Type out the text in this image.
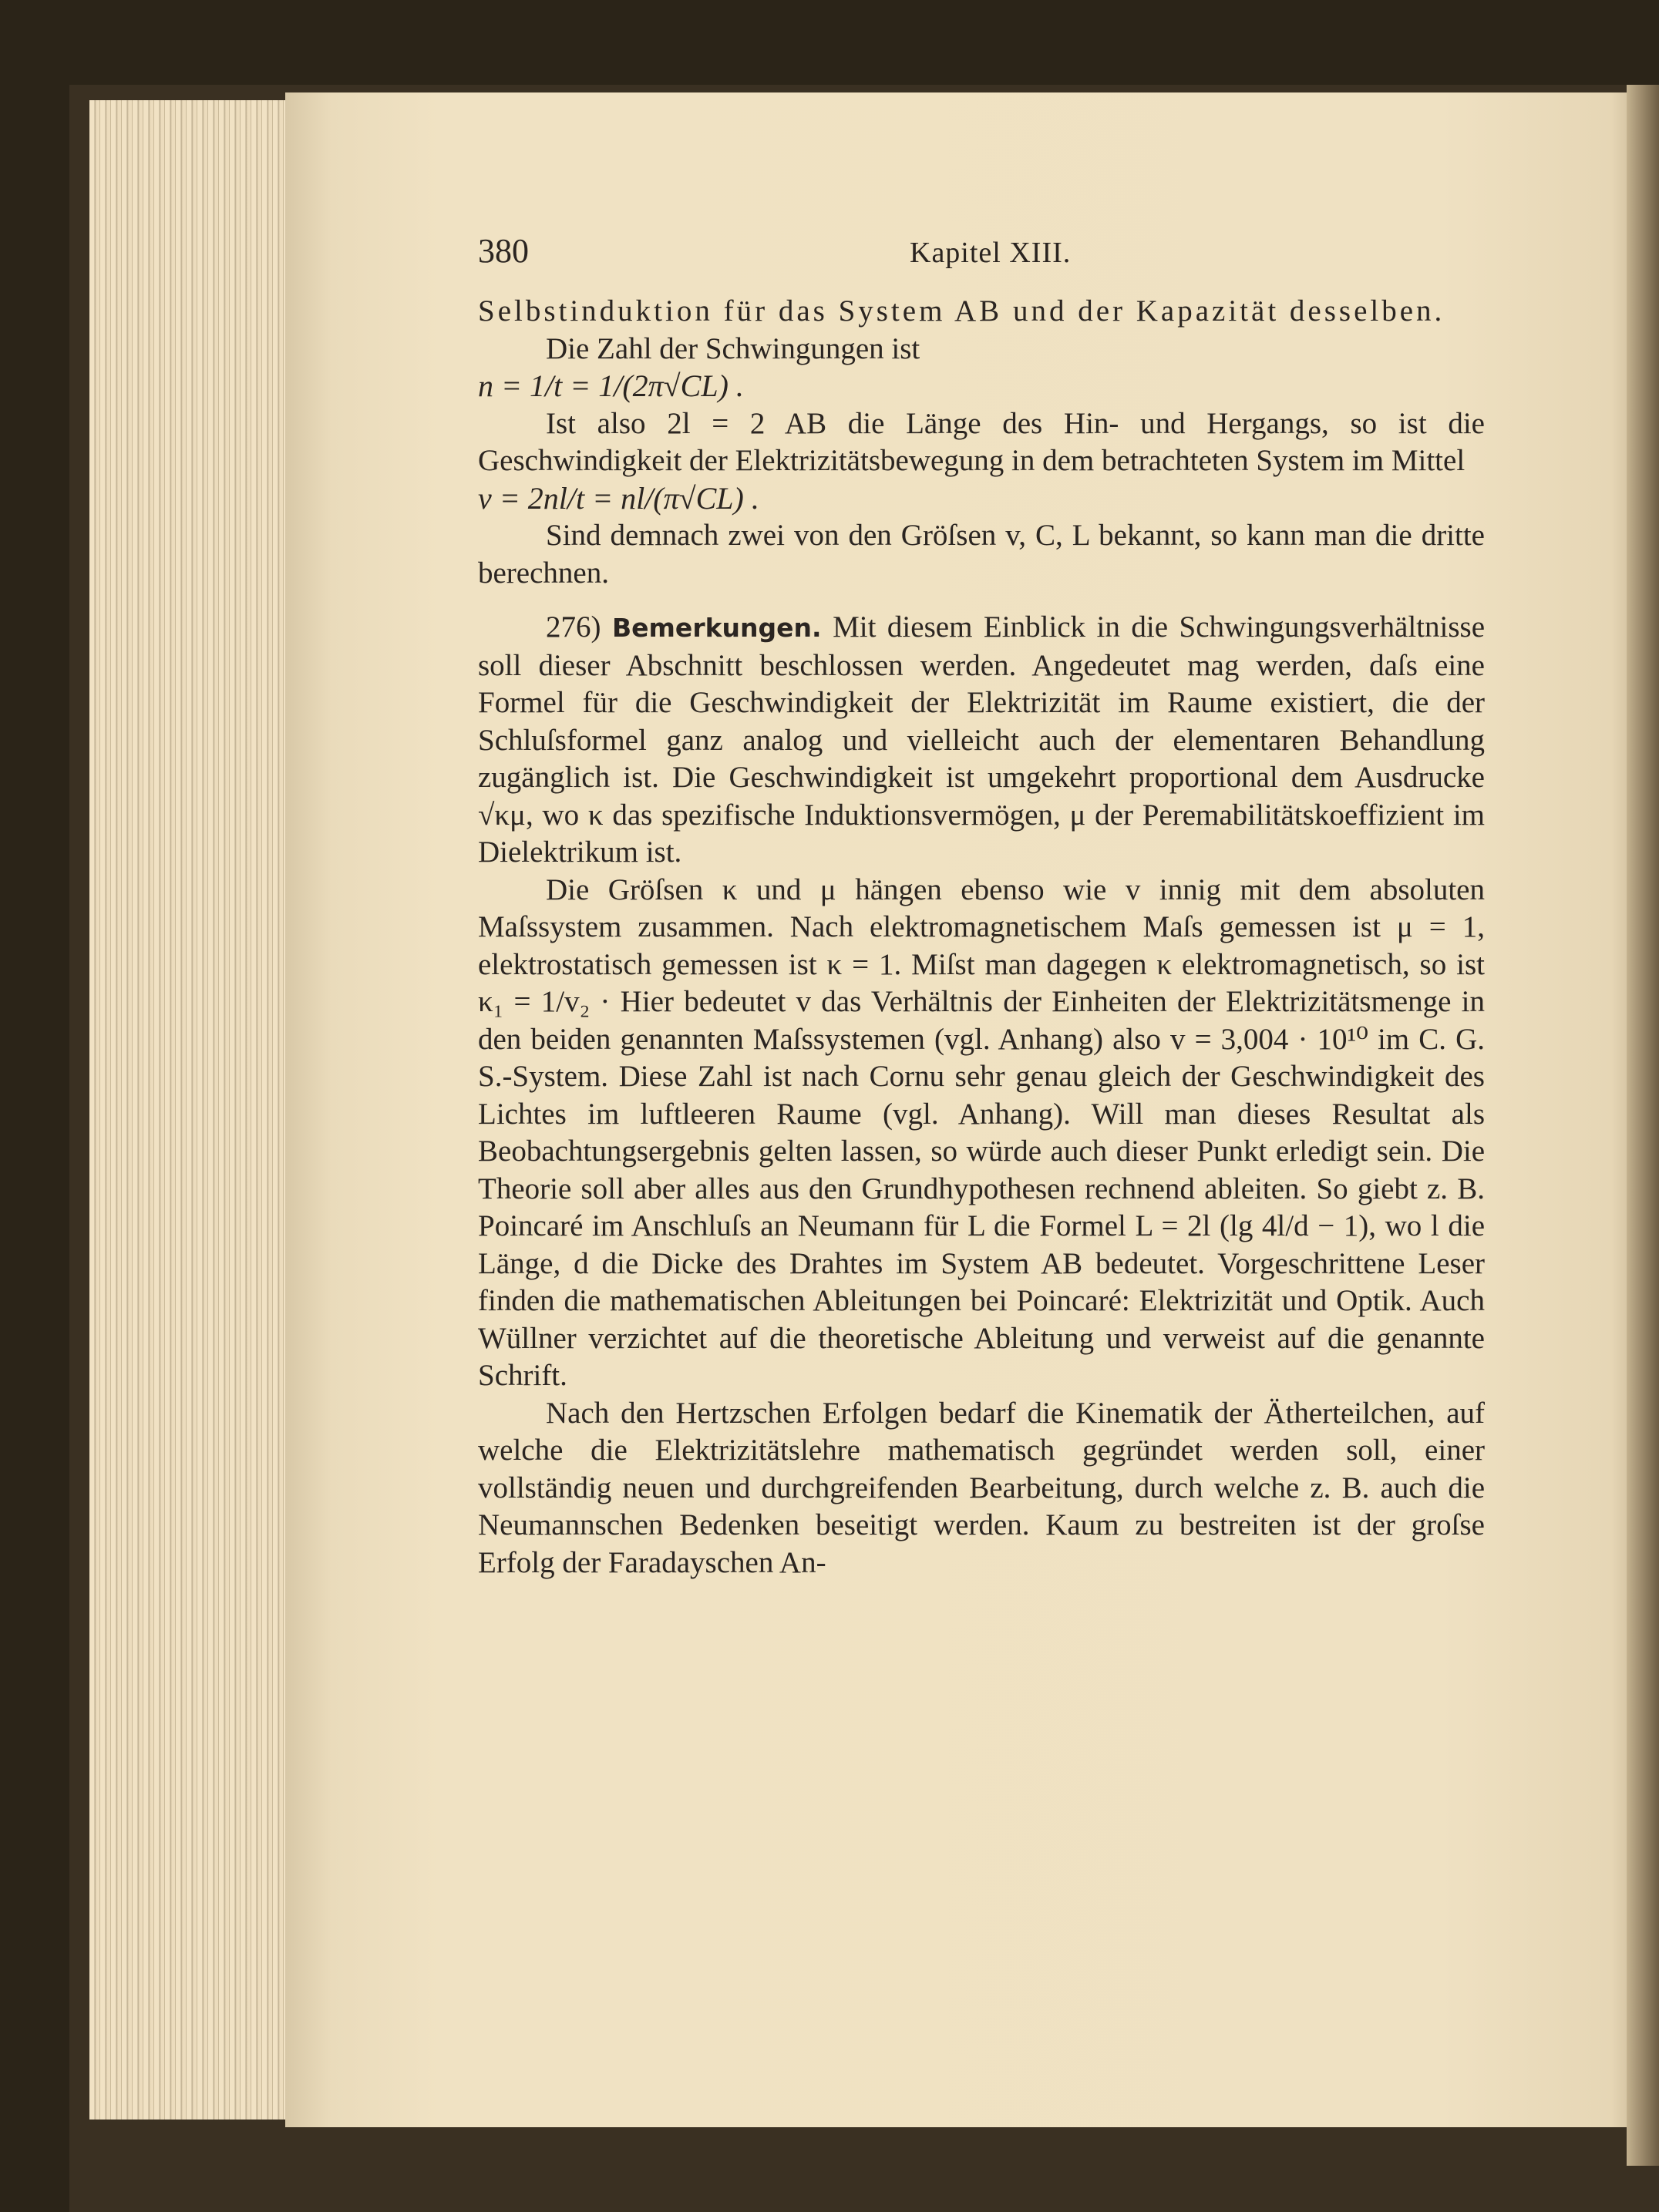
380	Kapitel XIII.

Selbstinduktion für das System AB und der Kapazität desselben.

Die Zahl der Schwingungen ist

n = 1/t = 1/(2π√CL) .

Ist also 2l = 2 AB die Länge des Hin- und Hergangs, so ist die Geschwindigkeit der Elektrizitätsbewegung in dem betrachteten System im Mittel

v = 2nl/t = nl/(π√CL) .

Sind demnach zwei von den Gröſsen v, C, L bekannt, so kann man die dritte berechnen.

276) Bemerkungen. Mit diesem Einblick in die Schwingungsverhältnisse soll dieser Abschnitt beschlossen werden. Angedeutet mag werden, daſs eine Formel für die Geschwindigkeit der Elektrizität im Raume existiert, die der Schluſsformel ganz analog und vielleicht auch der elementaren Behandlung zugänglich ist. Die Geschwindigkeit ist umgekehrt proportional dem Ausdrucke √κμ, wo κ das spezifische Induktionsvermögen, μ der Peremabilitätskoeffizient im Dielektrikum ist.

Die Gröſsen κ und μ hängen ebenso wie v innig mit dem absoluten Maſssystem zusammen. Nach elektromagnetischem Maſs gemessen ist μ = 1, elektrostatisch gemessen ist κ = 1. Miſst man dagegen κ elektromagnetisch, so ist κ₁ = 1/v₂ · Hier bedeutet v das Verhältnis der Einheiten der Elektrizitätsmenge in den beiden genannten Maſssystemen (vgl. Anhang) also v = 3,004 · 10¹⁰ im C. G. S.-System. Diese Zahl ist nach Cornu sehr genau gleich der Geschwindigkeit des Lichtes im luftleeren Raume (vgl. Anhang). Will man dieses Resultat als Beobachtungsergebnis gelten lassen, so würde auch dieser Punkt erledigt sein. Die Theorie soll aber alles aus den Grundhypothesen rechnend ableiten. So giebt z. B. Poincaré im Anschluſs an Neumann für L die Formel L = 2l (lg 4l/d − 1), wo l die Länge, d die Dicke des Drahtes im System AB bedeutet. Vorgeschrittene Leser finden die mathematischen Ableitungen bei Poincaré: Elektrizität und Optik. Auch Wüllner verzichtet auf die theoretische Ableitung und verweist auf die genannte Schrift.

Nach den Hertzschen Erfolgen bedarf die Kinematik der Ätherteilchen, auf welche die Elektrizitätslehre mathematisch gegründet werden soll, einer vollständig neuen und durchgreifenden Bearbeitung, durch welche z. B. auch die Neumannschen Bedenken beseitigt werden. Kaum zu bestreiten ist der groſse Erfolg der Faradayschen An-
